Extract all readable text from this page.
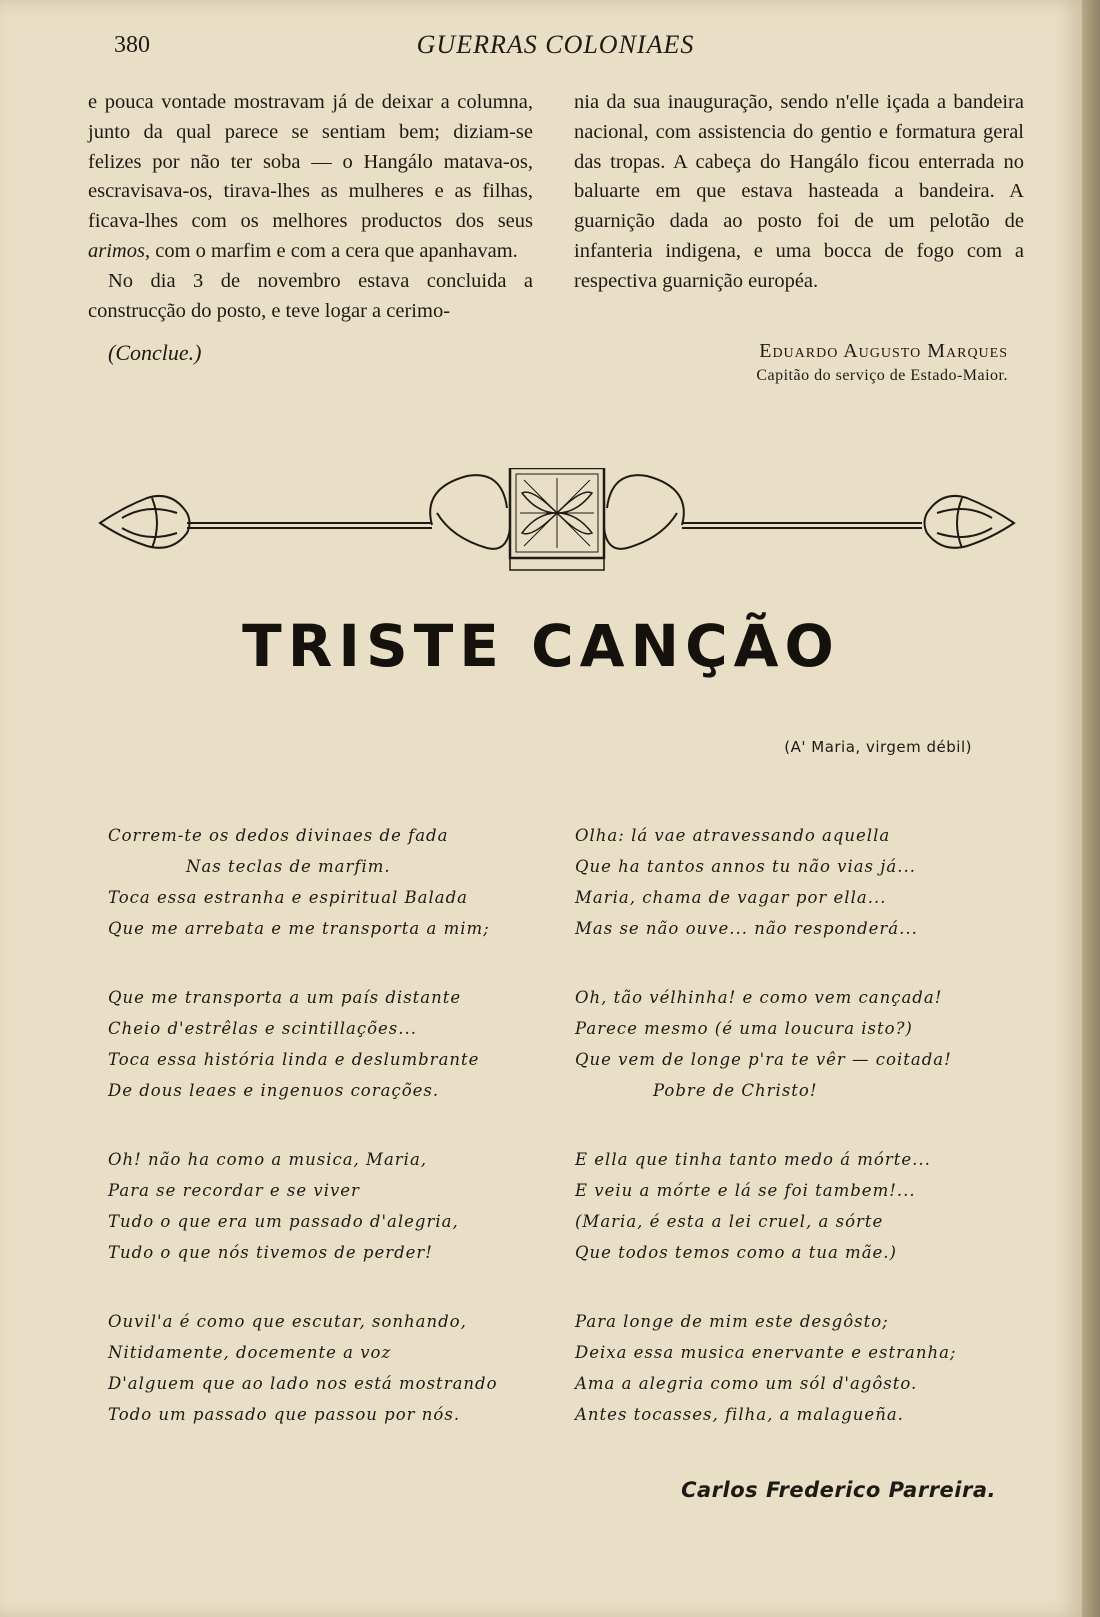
380	GUERRAS COLONIAES

e pouca vontade mostravam já de deixar a columna, junto da qual parece se sentiam bem; diziam-se felizes por não ter soba — o Hangálo matava-os, escravisava-os, tirava-lhes as mulheres e as filhas, ficava-lhes com os melhores productos dos seus arimos, com o marfim e com a cera que apanhavam.

No dia 3 de novembro estava concluida a construcção do posto, e teve logar a cerimo-

nia da sua inauguração, sendo n'elle içada a bandeira nacional, com assistencia do gentio e formatura geral das tropas. A cabeça do Hangálo ficou enterrada no baluarte em que estava hasteada a bandeira. A guarnição dada ao posto foi de um pelotão de infanteria indigena, e uma bocca de fogo com a respectiva guarnição européa.

(Conclue.)	Eduardo Augusto Marques
Capitão do serviço de Estado-Maior.
TRISTE CANÇÃO
(A' Maria, virgem débil)
Correm-te os dedos divinaes de fada
Nas teclas de marfim.
Toca essa estranha e espiritual Balada
Que me arrebata e me transporta a mim;
Que me transporta a um país distante
Cheio d'estrêlas e scintillações...
Toca essa história linda e deslumbrante
De dous leaes e ingenuos corações.
Oh! não ha como a musica, Maria,
Para se recordar e se viver
Tudo o que era um passado d'alegria,
Tudo o que nós tivemos de perder!
Ouvil'a é como que escutar, sonhando,
Nitidamente, docemente a voz
D'alguem que ao lado nos está mostrando
Todo um passado que passou por nós.
Olha: lá vae atravessando aquella
Que ha tantos annos tu não vias já...
Maria, chama de vagar por ella...
Mas se não ouve... não responderá...
Oh, tão vélhinha! e como vem cançada!
Parece mesmo (é uma loucura isto?)
Que vem de longe p'ra te vêr — coitada!
Pobre de Christo!
E ella que tinha tanto medo á mórte...
E veiu a mórte e lá se foi tambem!...
(Maria, é esta a lei cruel, a sórte
Que todos temos como a tua mãe.)
Para longe de mim este desgôsto;
Deixa essa musica enervante e estranha;
Ama a alegria como um sól d'agôsto.
Antes tocasses, filha, a malagueña.
Carlos Frederico Parreira.
